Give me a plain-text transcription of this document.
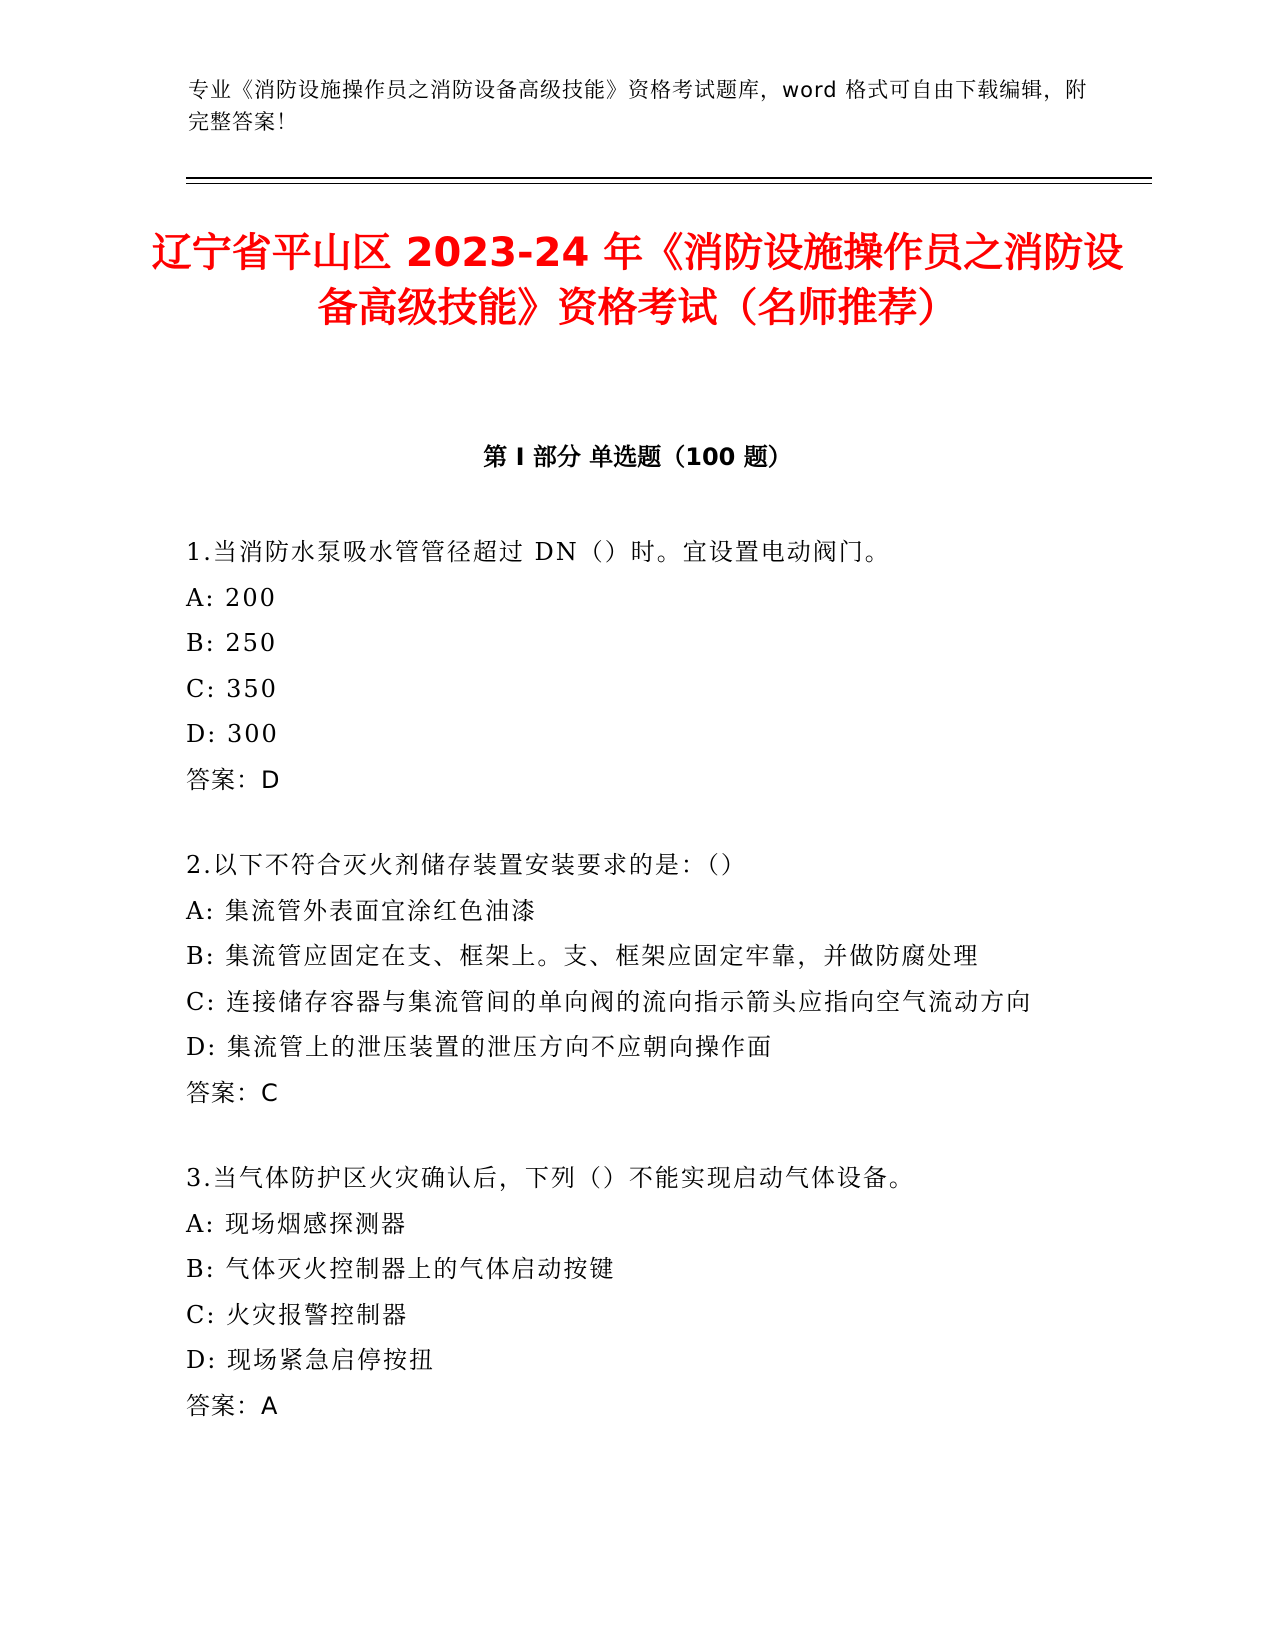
专业《消防设施操作员之消防设备高级技能》资格考试题库，word 格式可自由下载编辑，附完整答案！
辽宁省平山区 2023-24 年《消防设施操作员之消防设备高级技能》资格考试（名师推荐）
第 I 部分 单选题（100 题）
1.当消防水泵吸水管管径超过 DN（）时。宜设置电动阀门。
A: 200
B: 250
C: 350
D: 300
答案：D
2.以下不符合灭火剂储存装置安装要求的是：（）
A: 集流管外表面宜涂红色油漆
B: 集流管应固定在支、框架上。支、框架应固定牢靠，并做防腐处理
C: 连接储存容器与集流管间的单向阀的流向指示箭头应指向空气流动方向
D: 集流管上的泄压装置的泄压方向不应朝向操作面
答案：C
3.当气体防护区火灾确认后，下列（）不能实现启动气体设备。
A: 现场烟感探测器
B: 气体灭火控制器上的气体启动按键
C: 火灾报警控制器
D: 现场紧急启停按扭
答案：A
